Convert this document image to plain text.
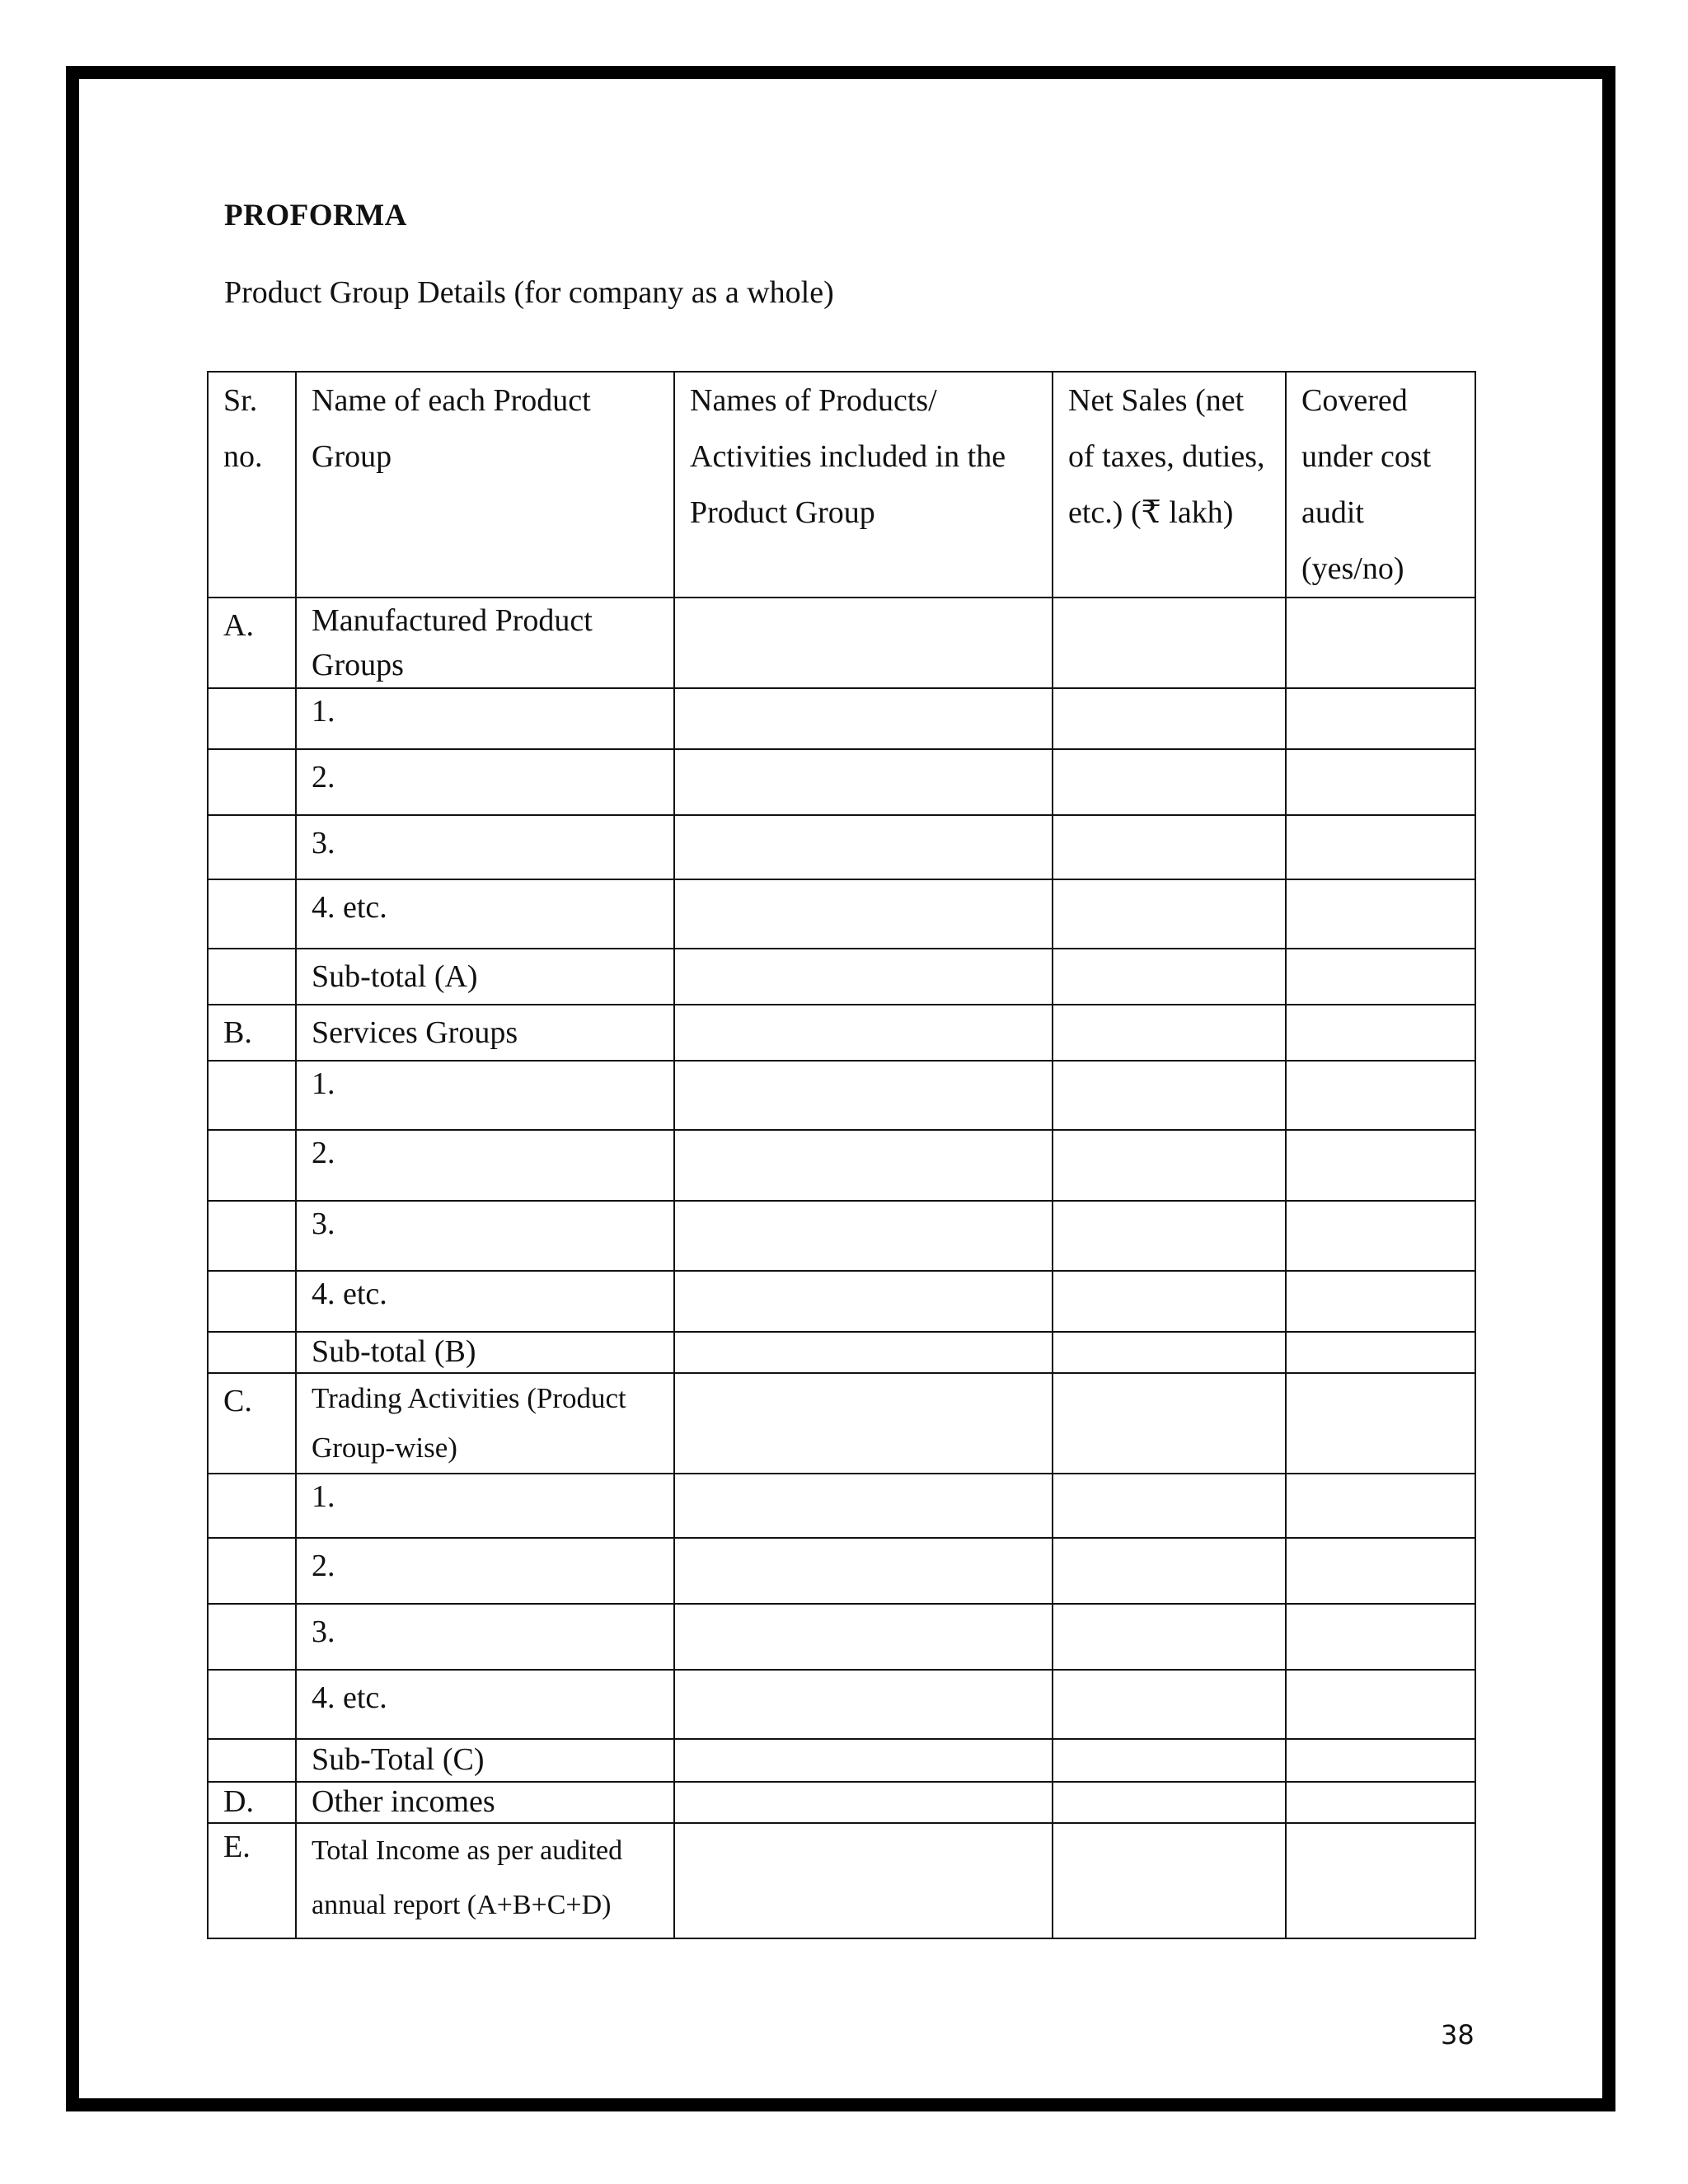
PROFORMA
Product Group Details (for company as a whole)
Sr. no.	Name of each Product Group	Names of Products/ Activities included in the Product Group	Net Sales (net of taxes, duties, etc.) (₹ lakh)	Covered under cost audit (yes/no)
A.	Manufactured Product Groups			
	1.			
	2.			
	3.			
	4. etc.			
	Sub-total (A)			
B.	Services Groups			
	1.			
	2.			
	3.			
	4. etc.			
	Sub-total (B)			
C.	Trading Activities (Product Group-wise)			
	1.			
	2.			
	3.			
	4. etc.			
	Sub-Total (C)			
D.	Other incomes			
E.	Total Income as per audited annual report (A+B+C+D)			
38
